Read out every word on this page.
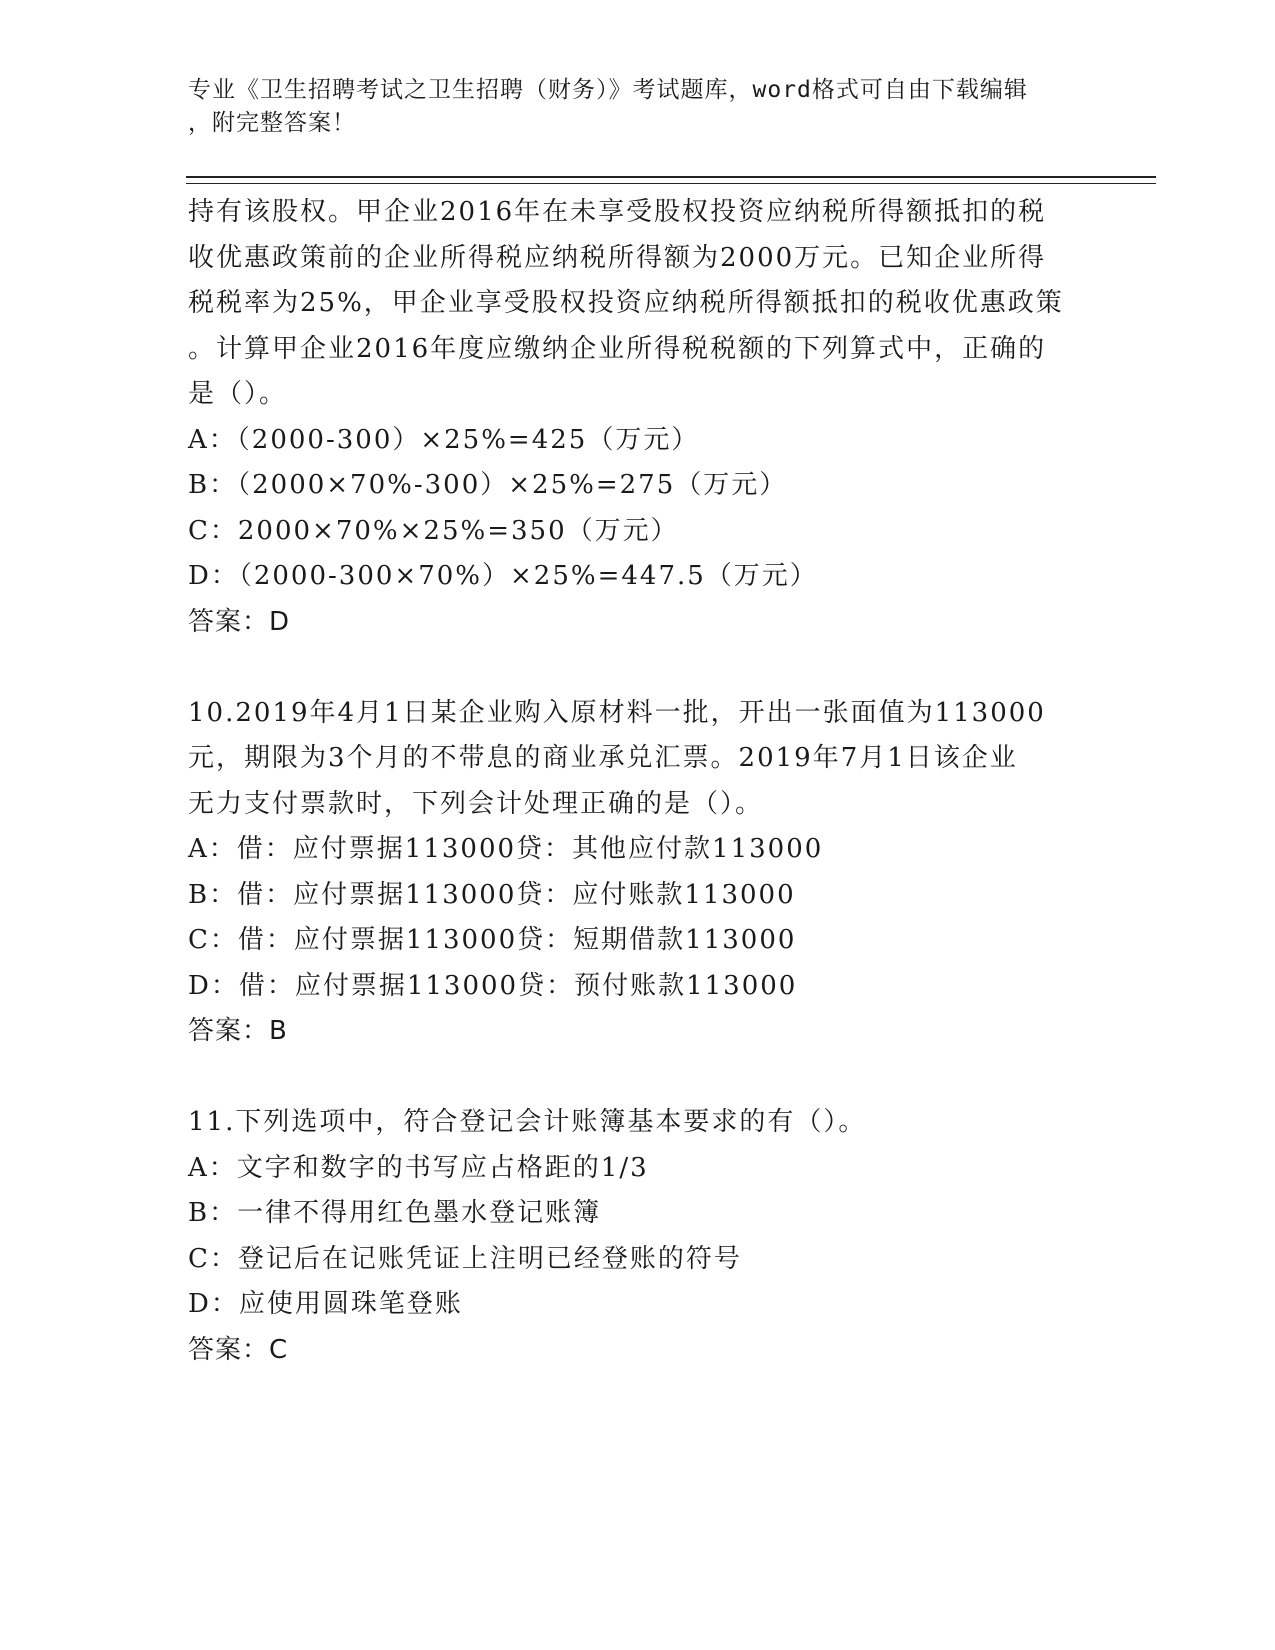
专业《卫生招聘考试之卫生招聘（财务）》考试题库，word格式可自由下载编辑
，附完整答案！

持有该股权。甲企业2016年在未享受股权投资应纳税所得额抵扣的税

收优惠政策前的企业所得税应纳税所得额为2000万元。已知企业所得

税税率为25%，甲企业享受股权投资应纳税所得额抵扣的税收优惠政策

。计算甲企业2016年度应缴纳企业所得税税额的下列算式中，正确的

是（）。

A：（2000-300）×25%=425（万元）

B：（2000×70%-300）×25%=275（万元）

C：2000×70%×25%=350（万元）

D：（2000-300×70%）×25%=447.5（万元）

答案：D

10.2019年4月1日某企业购入原材料一批，开出一张面值为113000

元，期限为3个月的不带息的商业承兑汇票。2019年7月1日该企业

无力支付票款时，下列会计处理正确的是（）。

A：借：应付票据113000贷：其他应付款113000

B：借：应付票据113000贷：应付账款113000

C：借：应付票据113000贷：短期借款113000

D：借：应付票据113000贷：预付账款113000

答案：B

11.下列选项中，符合登记会计账簿基本要求的有（）。

A：文字和数字的书写应占格距的1/3

B：一律不得用红色墨水登记账簿

C：登记后在记账凭证上注明已经登账的符号

D：应使用圆珠笔登账

答案：C
